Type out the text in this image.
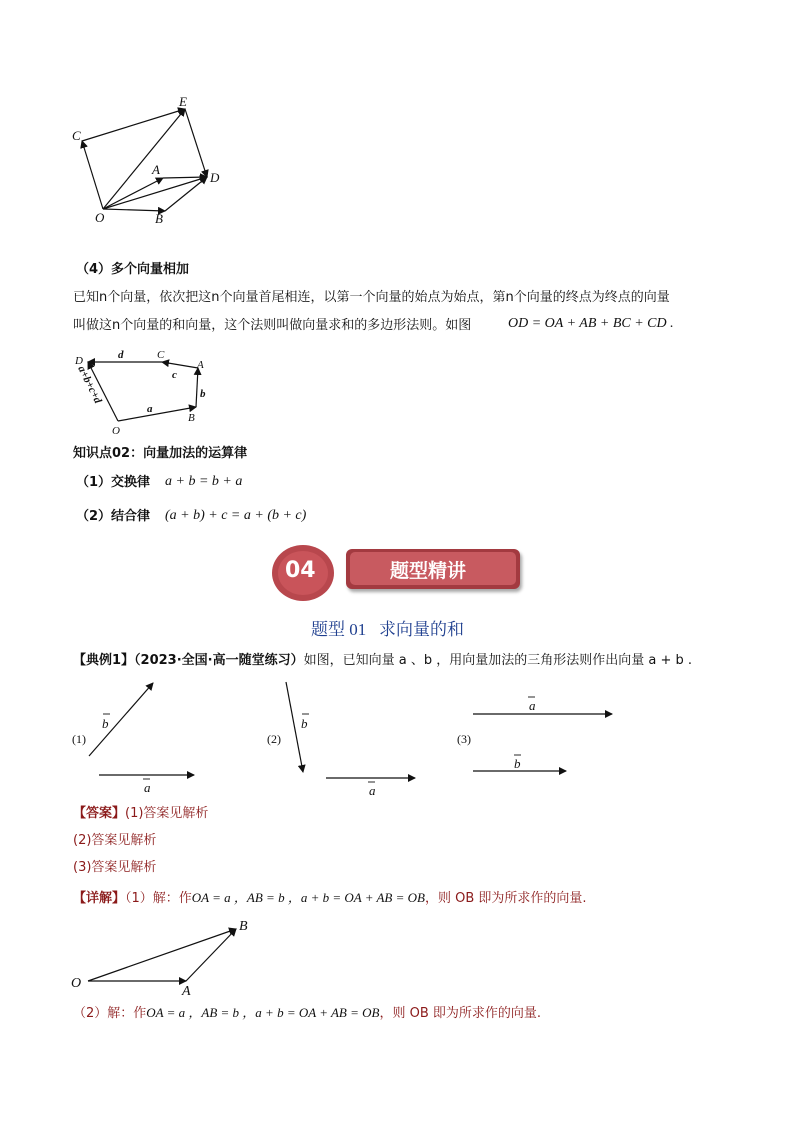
E
C
A
D
O	B
（4）多个向量相加
已知n个向量，依次把这n个向量首尾相连，以第一个向量的始点为始点，第n个向量的终点为终点的向量
叫做这n个向量的和向量，这个法则叫做向量求和的多边形法则。如图	OD = OA + AB + BC + CD .
D	d	C
A
c
b
a
B
O
a+b+c+d
知识点02：向量加法的运算律
（1）交换律 a + b = b + a
（2）结合律 (a + b) + c = a + (b + c)
04	题型精讲
题型 01   求向量的和
【典例1】（2023·全国·高一随堂练习）如图，已知向量 a 、b ，用向量加法的三角形法则作出向量 a + b .
b
a
b
a
a
b
(1)	(2)	(3)
【答案】(1)答案见解析
(2)答案见解析
(3)答案见解析
【详解】（1）解：作OA = a ，AB = b ，a + b = OA + AB = OB，则 OB 即为所求作的向量.
O
A
B
（2）解：作OA = a ，AB = b ，a + b = OA + AB = OB，则 OB 即为所求作的向量.
